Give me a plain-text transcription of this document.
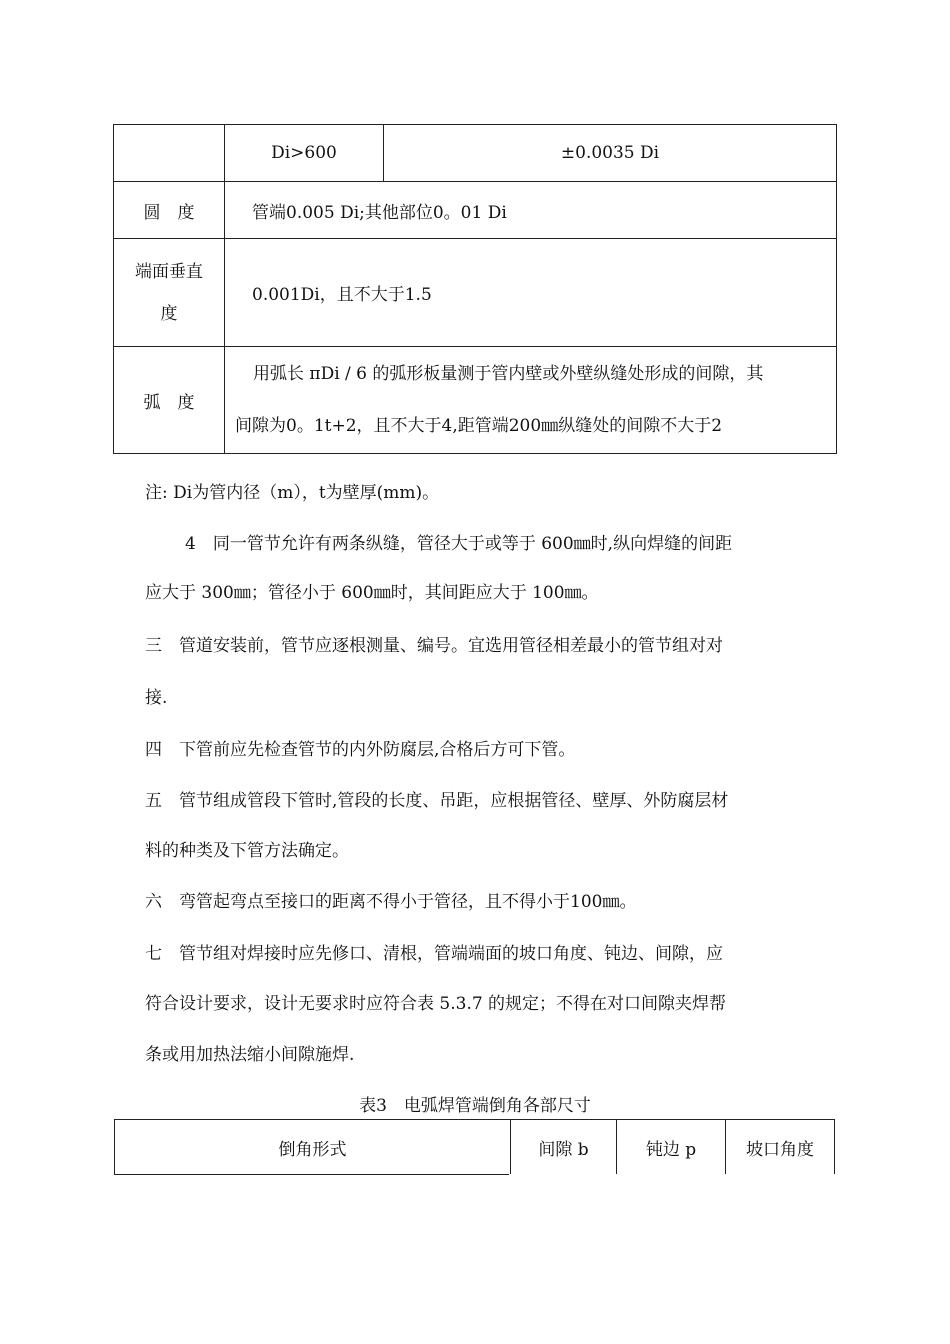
	Di>600	±0.0035 Di
圆　度	管端0.005 Di;其他部位0。01 Di	

端面垂直
度	0.001Di，且不大于1.5	
弧　度	用弧长 πDi / 6 的弧形板量测于管内壁或外壁纵缝处形成的间隙，其
间隙为0。1t+2，且不大于4,距管端200㎜纵缝处的间隙不大于2	
注: Di为管内径（m），t为壁厚(mm)。
4　同一管节允许有两条纵缝，管径大于或等于 600㎜时,纵向焊缝的间距
应大于 300㎜；管径小于 600㎜时，其间距应大于 100㎜。
三　管道安装前，管节应逐根测量、编号。宜选用管径相差最小的管节组对对
接.
四　下管前应先检查管节的内外防腐层,合格后方可下管。
五　管节组成管段下管时,管段的长度、吊距，应根据管径、壁厚、外防腐层材
料的种类及下管方法确定。
六　弯管起弯点至接口的距离不得小于管径，且不得小于100㎜。
七　管节组对焊接时应先修口、清根，管端端面的坡口角度、钝边、间隙，应
符合设计要求，设计无要求时应符合表 5.3.7 的规定；不得在对口间隙夹焊帮
条或用加热法缩小间隙施焊.
表3　电弧焊管端倒角各部尺寸
倒角形式	间隙 b	钝边 p	坡口角度
